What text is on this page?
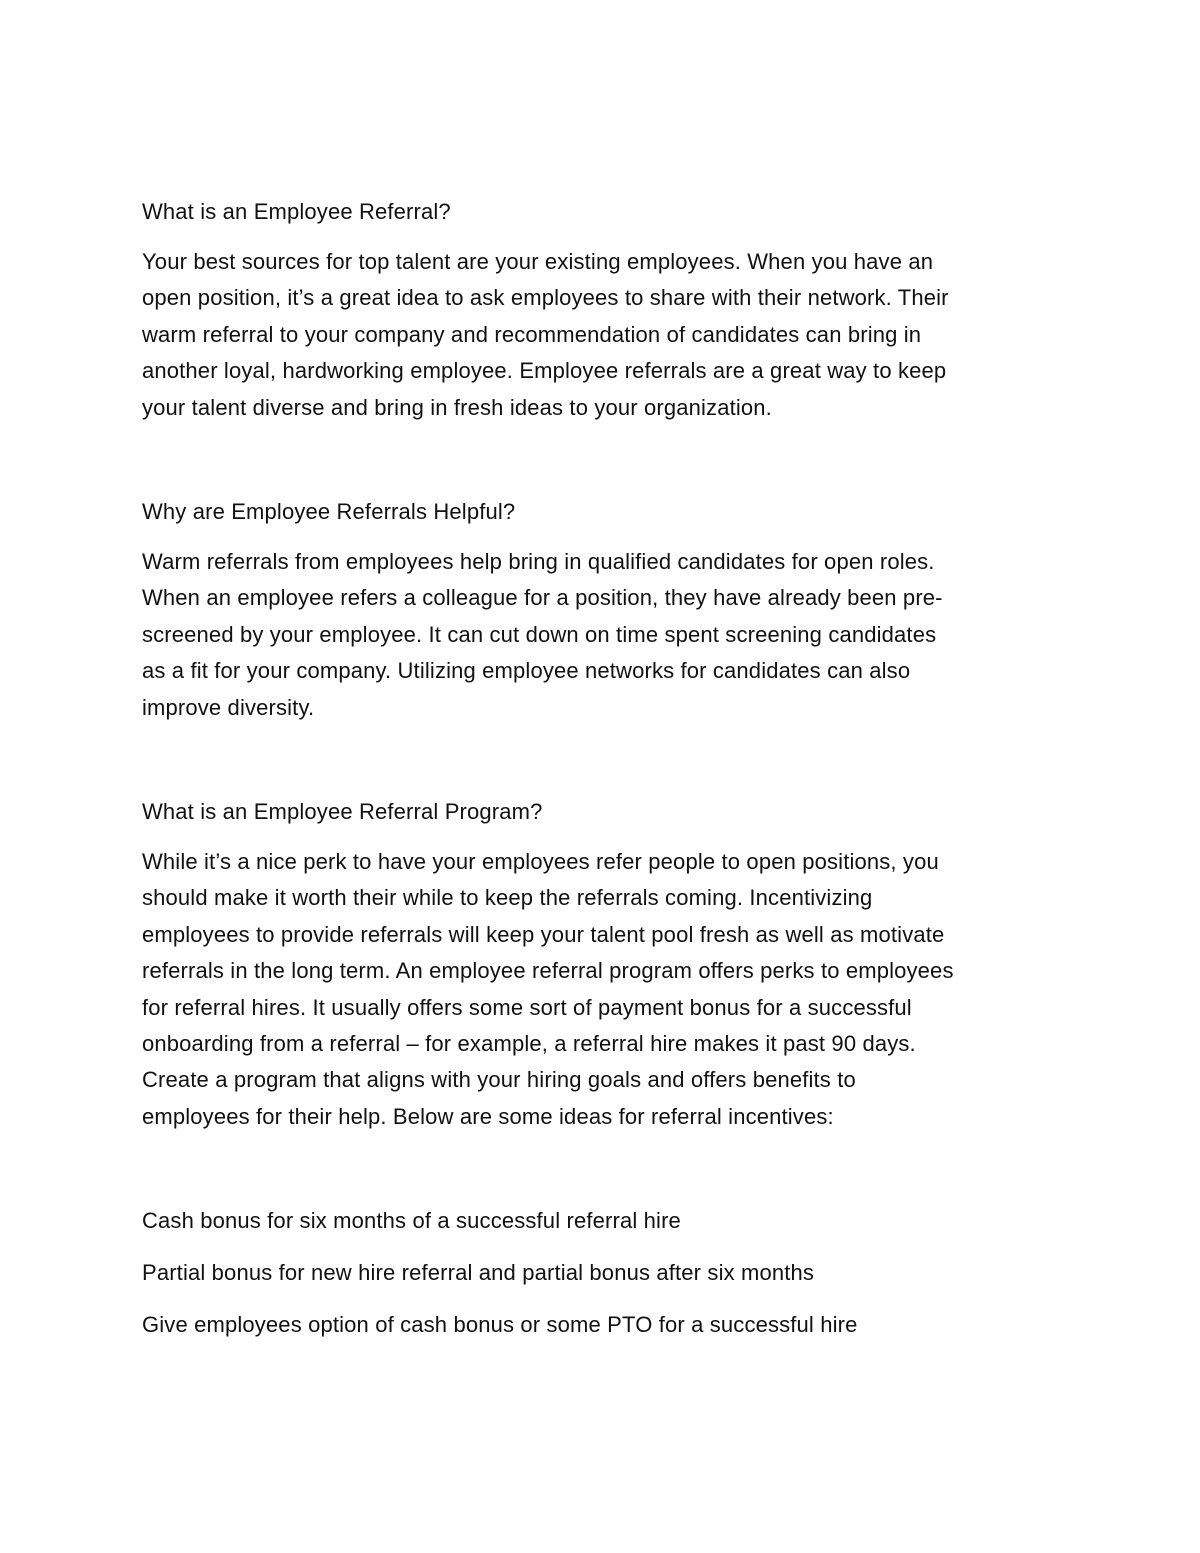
What is an Employee Referral?

Your best sources for top talent are your existing employees. When you have an
open position, it’s a great idea to ask employees to share with their network. Their
warm referral to your company and recommendation of candidates can bring in
another loyal, hardworking employee. Employee referrals are a great way to keep
your talent diverse and bring in fresh ideas to your organization.

Why are Employee Referrals Helpful?

Warm referrals from employees help bring in qualified candidates for open roles.
When an employee refers a colleague for a position, they have already been pre-
screened by your employee. It can cut down on time spent screening candidates
as a fit for your company. Utilizing employee networks for candidates can also
improve diversity.

What is an Employee Referral Program?

While it’s a nice perk to have your employees refer people to open positions, you
should make it worth their while to keep the referrals coming. Incentivizing
employees to provide referrals will keep your talent pool fresh as well as motivate
referrals in the long term. An employee referral program offers perks to employees
for referral hires. It usually offers some sort of payment bonus for a successful
onboarding from a referral – for example, a referral hire makes it past 90 days.
Create a program that aligns with your hiring goals and offers benefits to
employees for their help. Below are some ideas for referral incentives:

Cash bonus for six months of a successful referral hire

Partial bonus for new hire referral and partial bonus after six months

Give employees option of cash bonus or some PTO for a successful hire
